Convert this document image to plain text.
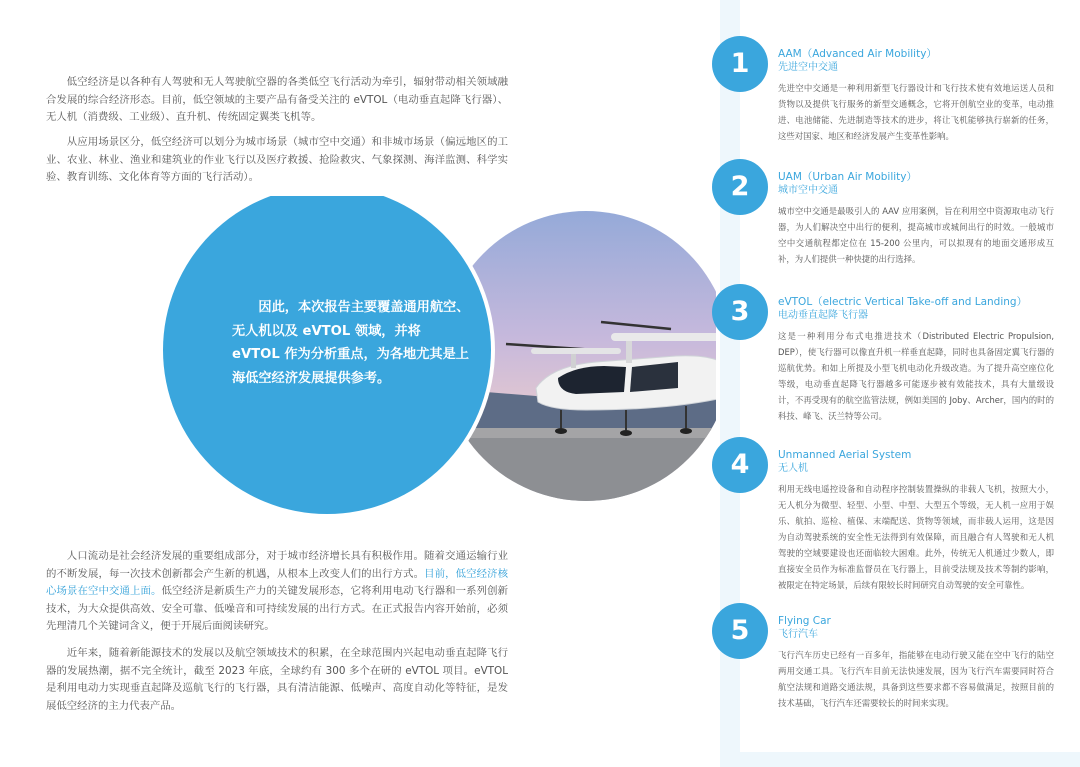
低空经济是以各种有人驾驶和无人驾驶航空器的各类低空飞行活动为牵引，辐射带动相关领域融合发展的综合经济形态。目前，低空领域的主要产品有备受关注的 eVTOL（电动垂直起降飞行器）、无人机（消费级、工业级）、直升机、传统固定翼类飞机等。

从应用场景区分，低空经济可以划分为城市场景（城市空中交通）和非城市场景（偏远地区的工业、农业、林业、渔业和建筑业的作业飞行以及医疗救援、抢险救灾、气象探测、海洋监测、科学实验、教育训练、文化体育等方面的飞行活动）。

因此，本次报告主要覆盖通用航空、无人机以及 eVTOL 领域，并将 eVTOL 作为分析重点，为各地尤其是上海低空经济发展提供参考。

人口流动是社会经济发展的重要组成部分，对于城市经济增长具有积极作用。随着交通运输行业的不断发展，每一次技术创新都会产生新的机遇，从根本上改变人们的出行方式。目前，低空经济核心场景在空中交通上面。低空经济是新质生产力的关键发展形态，它将利用电动飞行器和一系列创新技术，为大众提供高效、安全可靠、低噪音和可持续发展的出行方式。在正式报告内容开始前，必须先理清几个关键词含义，便于开展后面阅读研究。

近年来，随着新能源技术的发展以及航空领域技术的积累，在全球范围内兴起电动垂直起降飞行器的发展热潮，据不完全统计，截至 2023 年底，全球约有 300 多个在研的 eVTOL 项目。eVTOL 是利用电动力实现垂直起降及巡航飞行的飞行器，具有清洁能源、低噪声、高度自动化等特征，是发展低空经济的主力代表产品。

1	AAM（Advanced Air Mobility）
先进空中交通

先进空中交通是一种利用新型飞行器设计和飞行技术使有效地运送人员和货物以及提供飞行服务的新型交通概念，它将开创航空业的变革，电动推进、电池储能、先进制造等技术的进步，将让飞机能够执行崭新的任务，这些对国家、地区和经济发展产生变革性影响。

2	UAM（Urban Air Mobility）
城市空中交通

城市空中交通是最吸引人的 AAV 应用案例，旨在利用空中资源取电动飞行器，为人们解决空中出行的便利，提高城市或城间出行的时效。一般城市空中交通航程都定位在 15-200 公里内，可以拟现有的地面交通形成互补，为人们提供一种快捷的出行选择。

3	eVTOL（electric Vertical Take-off and Landing）
电动垂直起降飞行器

这是一种利用分布式电推进技术（Distributed Electric Propulsion, DEP），使飞行器可以像直升机一样垂直起降，同时也具备固定翼飞行器的巡航优势。和如上所提及小型飞机电动化升级改造。为了提升高空座位化等级，电动垂直起降飞行器越多可能逐步被有效能技术，具有大量级设计，不再受现有的航空监管法规，例如美国的 Joby、Archer，国内的时的科技、峰飞、沃兰特等公司。

4	Unmanned Aerial System
无人机

利用无线电遥控设备和自动程序控制装置操纵的非载人飞机，按照大小，无人机分为微型、轻型、小型、中型、大型五个等级，无人机一应用于娱乐、航拍、巡检、植保、末端配送、货物等领域，而非载人运用，这是因为自动驾驶系统的安全性无法得到有效保障，而且融合有人驾驶和无人机驾驶的空域要建设也还面临较大困难。此外，传统无人机通过少数人，即直接安全员作为标准监督员在飞行器上，目前受法规及技术等制约影响，被限定在特定场景，后续有限较长时间研究自动驾驶的安全可靠性。

5	Flying Car
飞行汽车

飞行汽车历史已经有一百多年，指能够在电动行驶又能在空中飞行的陆空两用交通工具。飞行汽车目前无法快速发展，因为飞行汽车需要同时符合航空法规和道路交通法规，具备到这些要求都不容易做满足，按照目前的技术基础，飞行汽车还需要较长的时间来实现。
